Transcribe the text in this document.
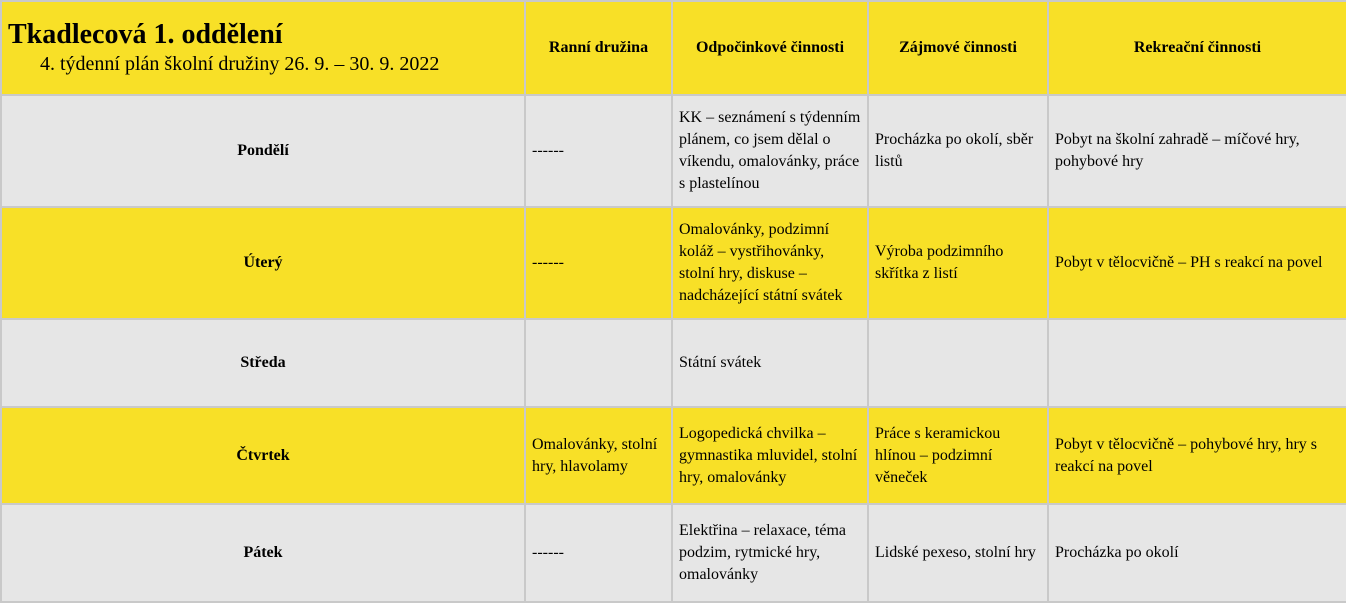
Tkadlecová 1. oddělení
4. týdenní plán školní družiny 26. 9. – 30. 9. 2022	Ranní družina	Odpočinkové činnosti	Zájmové činnosti	Rekreační činnosti
Pondělí	------	KK – seznámení s týdenním plánem, co jsem dělal o víkendu, omalovánky, práce s plastelínou	Procházka po okolí, sběr listů	Pobyt na školní zahradě – míčové hry, pohybové hry
Úterý	------	Omalovánky, podzimní koláž – vystřihovánky, stolní hry, diskuse – nadcházející státní svátek	Výroba podzimního skřítka z listí	Pobyt v tělocvičně – PH s reakcí na povel
Středa		Státní svátek		
Čtvrtek	Omalovánky, stolní hry, hlavolamy	Logopedická chvilka – gymnastika mluvidel, stolní hry, omalovánky	Práce s keramickou hlínou – podzimní věneček	Pobyt v tělocvičně – pohybové hry, hry s reakcí na povel
Pátek	------	Elektřina – relaxace, téma podzim, rytmické hry, omalovánky	Lidské pexeso, stolní hry	Procházka po okolí
